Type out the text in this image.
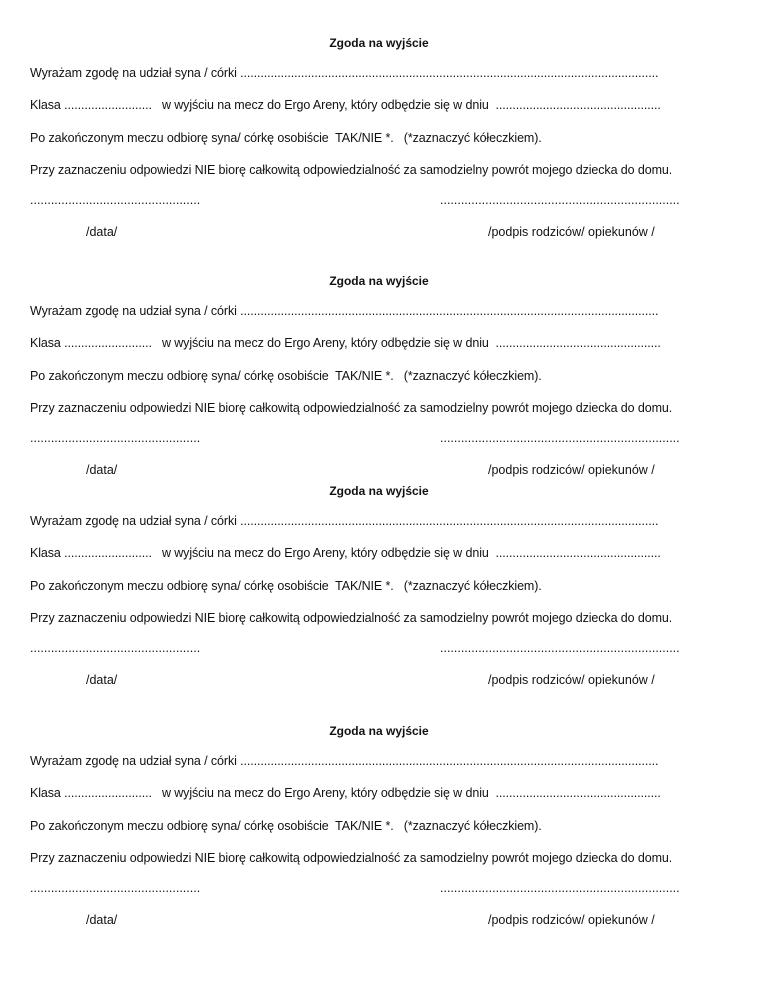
Zgoda na wyjście
Wyrażam zgodę na udział syna / córki ............................................................................................................................
Klasa ..........................   w wyjściu na mecz do Ergo Areny, który odbędzie się w dniu  .................................................
Po zakończonym meczu odbiorę syna/ córkę osobiście  TAK/NIE *.   (*zaznaczyć kółeczkiem).
Przy zaznaczeniu odpowiedzi NIE biorę całkowitą odpowiedzialność za samodzielny powrót mojego dziecka do domu.
.................................................	.....................................................................
/data/	/podpis rodziców/ opiekunów /
Zgoda na wyjście
Wyrażam zgodę na udział syna / córki ............................................................................................................................
Klasa ..........................   w wyjściu na mecz do Ergo Areny, który odbędzie się w dniu  .................................................
Po zakończonym meczu odbiorę syna/ córkę osobiście  TAK/NIE *.   (*zaznaczyć kółeczkiem).
Przy zaznaczeniu odpowiedzi NIE biorę całkowitą odpowiedzialność za samodzielny powrót mojego dziecka do domu.
.................................................	.....................................................................
/data/	/podpis rodziców/ opiekunów /
Zgoda na wyjście
Wyrażam zgodę na udział syna / córki ............................................................................................................................
Klasa ..........................   w wyjściu na mecz do Ergo Areny, który odbędzie się w dniu  .................................................
Po zakończonym meczu odbiorę syna/ córkę osobiście  TAK/NIE *.   (*zaznaczyć kółeczkiem).
Przy zaznaczeniu odpowiedzi NIE biorę całkowitą odpowiedzialność za samodzielny powrót mojego dziecka do domu.
.................................................	.....................................................................
/data/	/podpis rodziców/ opiekunów /
Zgoda na wyjście
Wyrażam zgodę na udział syna / córki ............................................................................................................................
Klasa ..........................   w wyjściu na mecz do Ergo Areny, który odbędzie się w dniu  .................................................
Po zakończonym meczu odbiorę syna/ córkę osobiście  TAK/NIE *.   (*zaznaczyć kółeczkiem).
Przy zaznaczeniu odpowiedzi NIE biorę całkowitą odpowiedzialność za samodzielny powrót mojego dziecka do domu.
.................................................	.....................................................................
/data/	/podpis rodziców/ opiekunów /
